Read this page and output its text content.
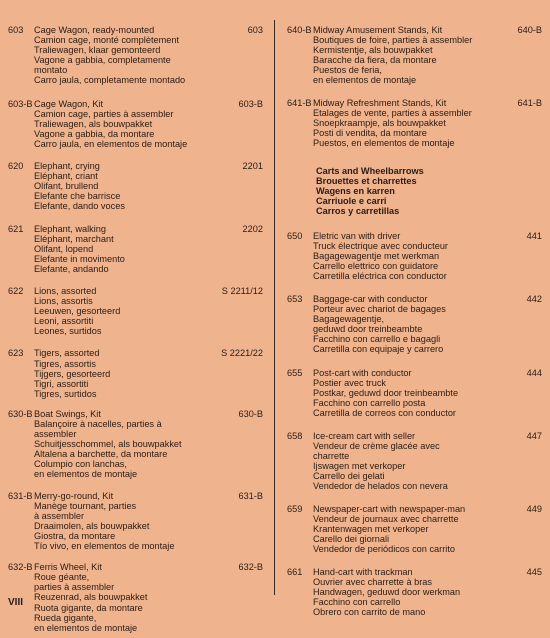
603	603
Cage Wagon, ready-mounted
Camion cage, monté complètement
Traliewagen, klaar gemonteerd
Vagone a gabbia, completamente
montato
Carro jaula, completamente montado
603-B	603-B
Cage Wagon, Kit
Camion cage, parties à assembler
Traliewagen, als bouwpakket
Vagone a gabbia, da montare
Carro jaula, en elementos de montaje
620	2201
Elephant, crying
Eléphant, criant
Olifant, brullend
Elefante che barrisce
Elefante, dando voces
621	2202
Elephant, walking
Eléphant, marchant
Olifant, lopend
Elefante in movimento
Elefante, andando
622	S 2211/12
Lions, assorted
Lions, assortis
Leeuwen, gesorteerd
Leoni, assortiti
Leones, surtidos
623	S 2221/22
Tigers, assorted
Tigres, assortis
Tijgers, gesorteerd
Tigri, assortiti
Tigres, surtidos
630-B	630-B
Boat Swings, Kit
Balançoire à nacelles, parties à
assembler
Schuitjesschommel, als bouwpakket
Altalena a barchette, da montare
Columpio con lanchas,
en elementos de montaje
631-B	631-B
Merry-go-round, Kit
Manège tournant, parties
à assembler
Draaimolen, als bouwpakket
Giostra, da montare
Tío vivo, en elementos de montaje
632-B	632-B
Ferris Wheel, Kit
Roue géante,
parties à assembler
Reuzenrad, als bouwpakket
Ruota gigante, da montare
Rueda gigante,
en elementos de montaje
640-B	640-B
Midway Amusement Stands, Kit
Boutiques de foire, parties à assembler
Kermistentje, als bouwpakket
Baracche da fiera, da montare
Puestos de feria,
en elementos de montaje
641-B	641-B
Midway Refreshment Stands, Kit
Etalages de vente, parties à assembler
Snoepkraampje, als bouwpakket
Posti di vendita, da montare
Puestos, en elementos de montaje
Carts and Wheelbarrows
Brouettes et charrettes
Wagens en karren
Carriuole e carri
Carros y carretillas
650	441
Eletric van with driver
Truck électrique avec conducteur
Bagagewagentje met werkman
Carrello elettrico con guidatore
Carretilla eléctrica con conductor
653	442
Baggage-car with conductor
Porteur avec chariot de bagages
Bagagewagentje,
geduwd door treinbeambte
Facchino con carrello e bagagli
Carretilla con equipaje y carrero
655	444
Post-cart with conductor
Postier avec truck
Postkar, geduwd door treinbeambte
Facchino con carrello posta
Carretilla de correos con conductor
658	447
Ice-cream cart with seller
Vendeur de crème glacée avec
charrette
Ijswagen met verkoper
Carrello dei gelati
Vendedor de helados con nevera
659	449
Newspaper-cart with newspaper-man
Vendeur de journaux avec charrette
Krantenwagen met verkoper
Carello dei giornali
Vendedor de periódicos con carrito
661	445
Hand-cart with trackman
Ouvrier avec charrette à bras
Handwagen, geduwd door werkman
Facchino con carrello
Obrero con carrito de mano
VIII
